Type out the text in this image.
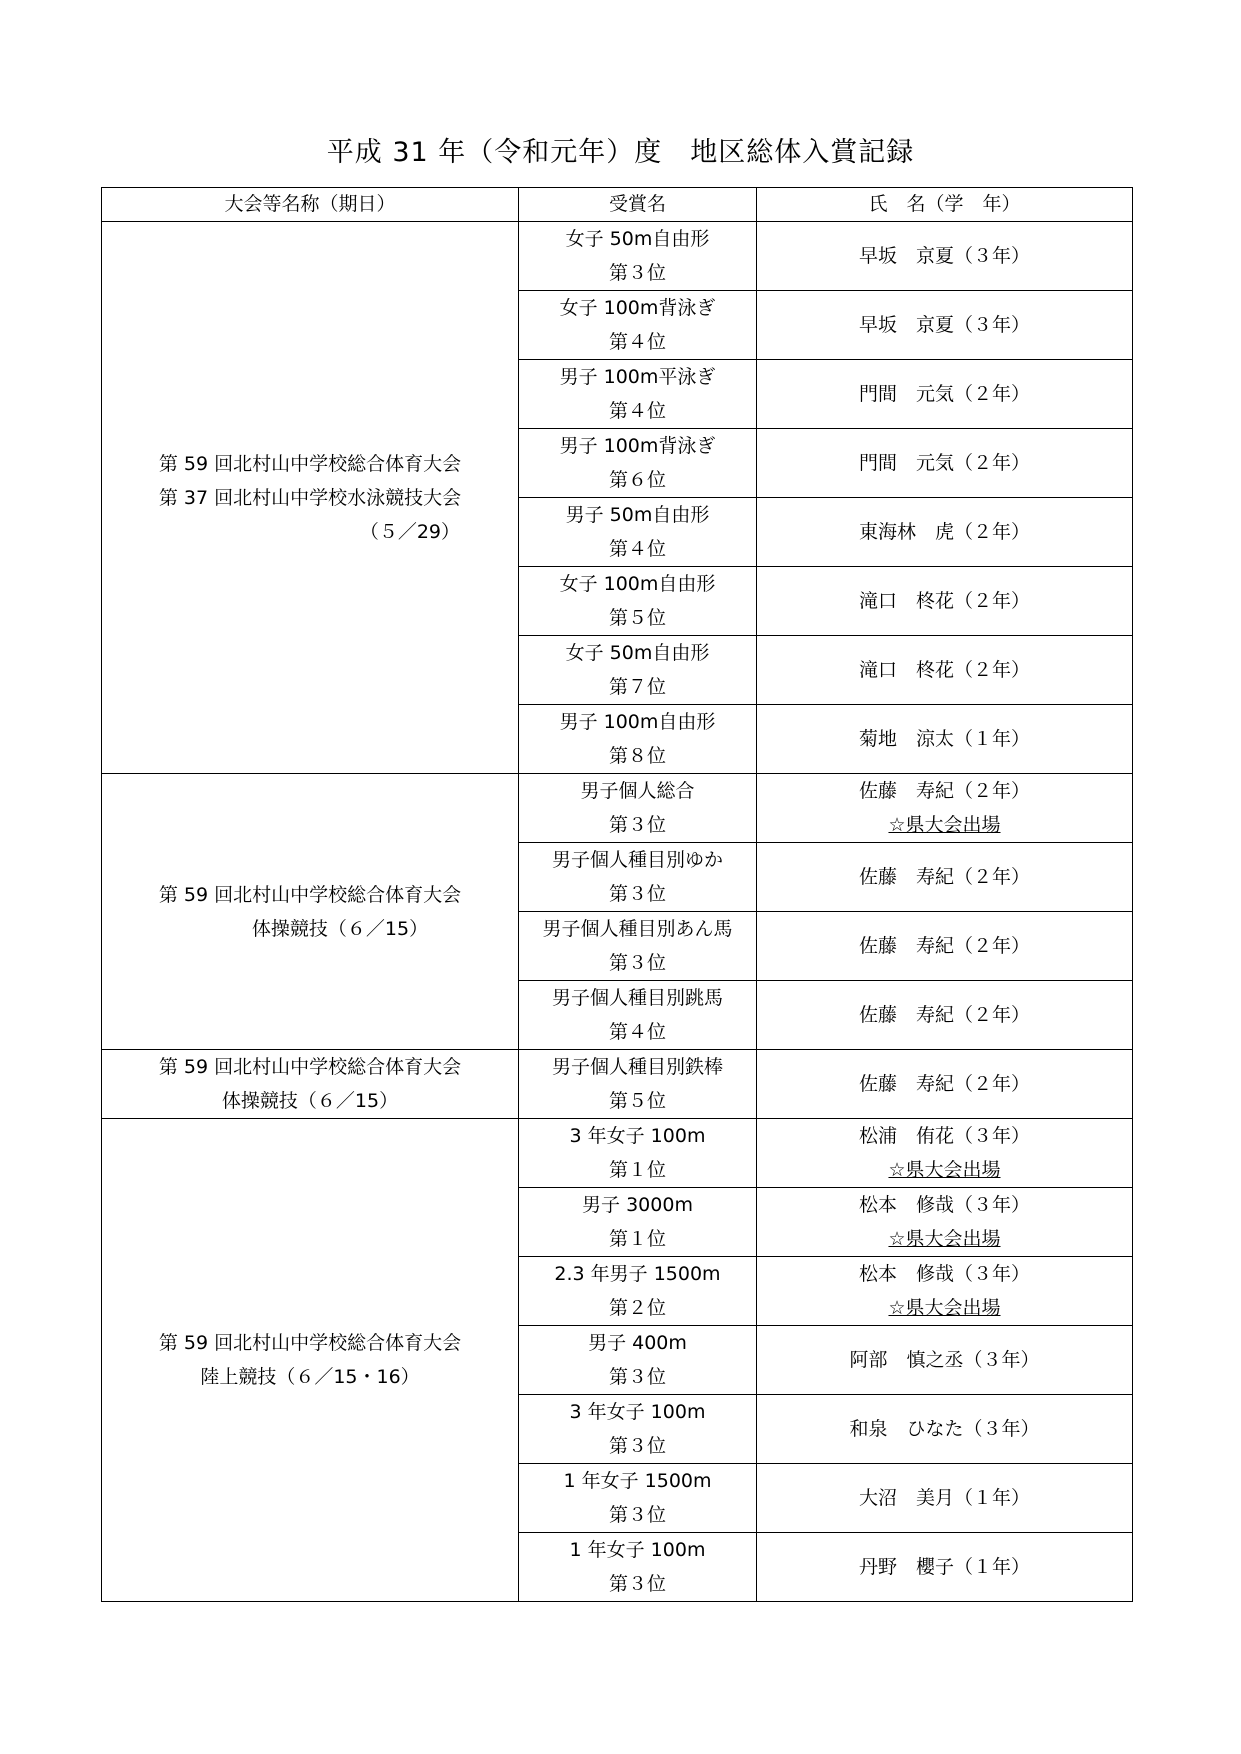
平成 31 年（令和元年）度　地区総体入賞記録
大会等名称（期日）	受賞名	氏　名（学　年）

第 59 回北村山中学校総合体育大会
第 37 回北村山中学校水泳競技大会
（５／29）	女子 50m自由形
第３位	早坂　京夏（３年）

	女子 100m背泳ぎ
第４位	早坂　京夏（３年）

	男子 100m平泳ぎ
第４位	門間　元気（２年）

	男子 100m背泳ぎ
第６位	門間　元気（２年）

	男子 50m自由形
第４位	東海林　虎（２年）

	女子 100m自由形
第５位	滝口　柊花（２年）

	女子 50m自由形
第７位	滝口　柊花（２年）

	男子 100m自由形
第８位	菊地　涼太（１年）

第 59 回北村山中学校総合体育大会
体操競技（６／15）	男子個人総合
第３位	佐藤　寿紀（２年）
☆県大会出場

	男子個人種目別ゆか
第３位	佐藤　寿紀（２年）

	男子個人種目別あん馬
第３位	佐藤　寿紀（２年）

	男子個人種目別跳馬
第４位	佐藤　寿紀（２年）

第 59 回北村山中学校総合体育大会
体操競技（６／15）	男子個人種目別鉄棒
第５位	佐藤　寿紀（２年）

第 59 回北村山中学校総合体育大会
陸上競技（６／15・16）	3 年女子 100m
第１位	松浦　侑花（３年）
☆県大会出場

	男子 3000m
第１位	松本　修哉（３年）
☆県大会出場

	2.3 年男子 1500m
第２位	松本　修哉（３年）
☆県大会出場

	男子 400m
第３位	阿部　慎之丞（３年）

	3 年女子 100m
第３位	和泉　ひなた（３年）

	1 年女子 1500m
第３位	大沼　美月（１年）

	1 年女子 100m
第３位	丹野　櫻子（１年）
